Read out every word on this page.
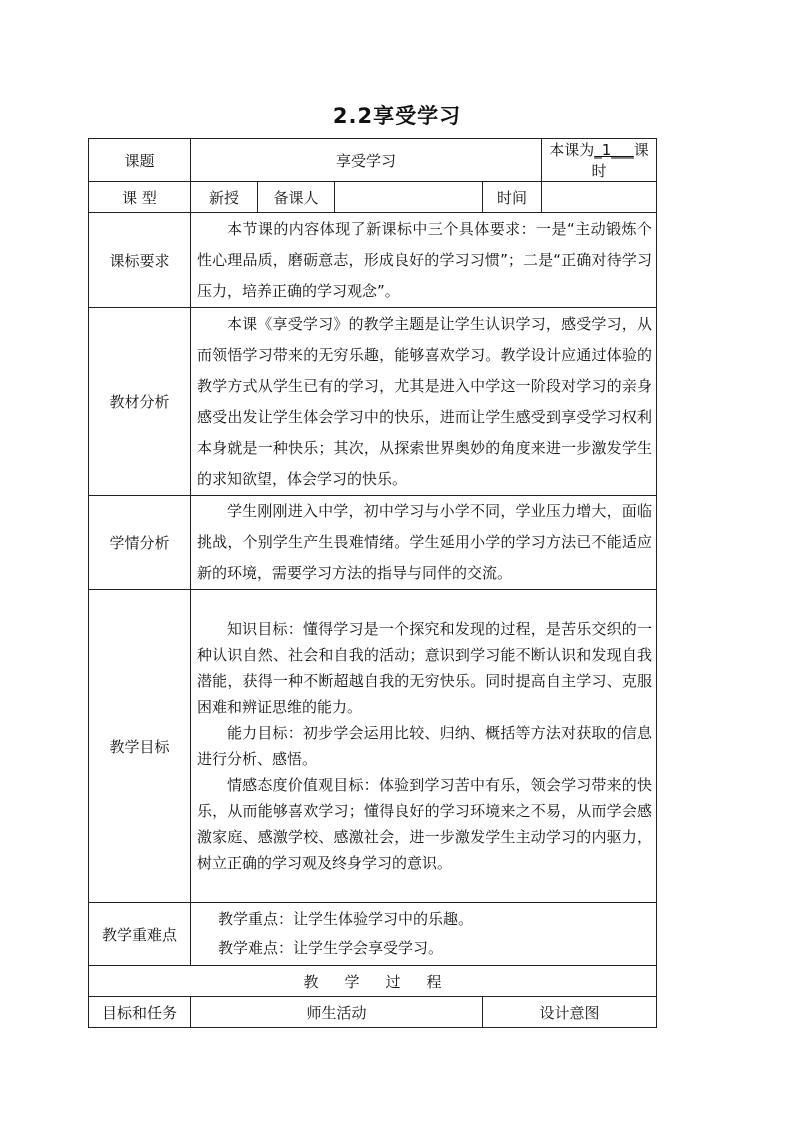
2.2享受学习
课题	享受学习				本课为_1___课时
课 型	新授	备课人		时间	
课标要求	本节课的内容体现了新课标中三个具体要求：一是“主动锻炼个性心理品质，磨砺意志，形成良好的学习习惯”；二是“正确对待学习压力，培养正确的学习观念”。				

教材分析	本课《享受学习》的教学主题是让学生认识学习，感受学习，从而领悟学习带来的无穷乐趣，能够喜欢学习。教学设计应通过体验的教学方式从学生已有的学习，尤其是进入中学这一阶段对学习的亲身感受出发让学生体会学习中的快乐，进而让学生感受到享受学习权利本身就是一种快乐；其次，从探索世界奥妙的角度来进一步激发学生的求知欲望，体会学习的快乐。				

学情分析	学生刚刚进入中学，初中学习与小学不同，学业压力增大，面临挑战，个别学生产生畏难情绪。学生延用小学的学习方法已不能适应新的环境，需要学习方法的指导与同伴的交流。				

教学目标	知识目标：懂得学习是一个探究和发现的过程，是苦乐交织的一种认识自然、社会和自我的活动；意识到学习能不断认识和发现自我潜能，获得一种不断超越自我的无穷快乐。同时提高自主学习、克服困难和辨证思维的能力。

能力目标：初步学会运用比较、归纳、概括等方法对获取的信息进行分析、感悟。

情感态度价值观目标：体验到学习苦中有乐，领会学习带来的快乐，从而能够喜欢学习；懂得良好的学习环境来之不易，从而学会感激家庭、感激学校、感激社会，进一步激发学生主动学习的内驱力，树立正确的学习观及终身学习的意识。				

教学重难点	教学重点：让学生体验学习中的乐趣。

教学难点：让学生学会享受学习。				

教学过程					
目标和任务	师生活动			设计意图	
